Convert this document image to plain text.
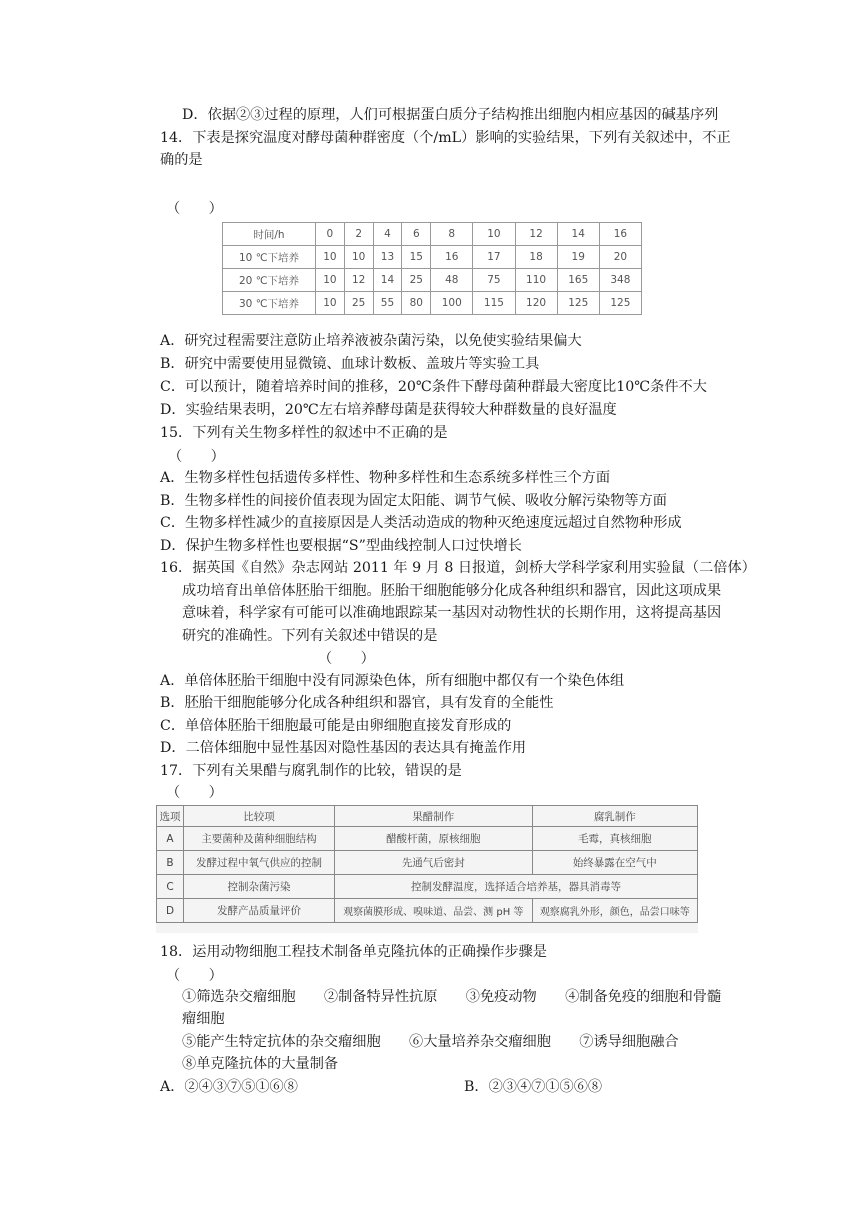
D．依据②③过程的原理，人们可根据蛋白质分子结构推出细胞内相应基因的碱基序列
14．下表是探究温度对酵母菌种群密度（个/mL）影响的实验结果，下列有关叙述中，不正
确的是
（　　）
时间/h	0	2	4	6	8	10	12	14	16
10 ℃下培养	10	10	13	15	16	17	18	19	20
20 ℃下培养	10	12	14	25	48	75	110	165	348
30 ℃下培养	10	25	55	80	100	115	120	125	125
A．研究过程需要注意防止培养液被杂菌污染，以免使实验结果偏大
B．研究中需要使用显微镜、血球计数板、盖玻片等实验工具
C．可以预计，随着培养时间的推移，20℃条件下酵母菌种群最大密度比10℃条件不大
D．实验结果表明，20℃左右培养酵母菌是获得较大种群数量的良好温度
15．下列有关生物多样性的叙述中不正确的是
（　　）
A．生物多样性包括遗传多样性、物种多样性和生态系统多样性三个方面
B．生物多样性的间接价值表现为固定太阳能、调节气候、吸收分解污染物等方面
C．生物多样性减少的直接原因是人类活动造成的物种灭绝速度远超过自然物种形成
D．保护生物多样性也要根据“S”型曲线控制人口过快增长
16．据英国《自然》杂志网站 2011 年 9 月 8 日报道，剑桥大学科学家利用实验鼠（二倍体）
成功培育出单倍体胚胎干细胞。胚胎干细胞能够分化成各种组织和器官，因此这项成果
意味着，科学家有可能可以准确地跟踪某一基因对动物性状的长期作用，这将提高基因
研究的准确性。下列有关叙述中错误的是
（　　）
A．单倍体胚胎干细胞中没有同源染色体，所有细胞中都仅有一个染色体组
B．胚胎干细胞能够分化成各种组织和器官，具有发育的全能性
C．单倍体胚胎干细胞最可能是由卵细胞直接发育形成的
D．二倍体细胞中显性基因对隐性基因的表达具有掩盖作用
17．下列有关果醋与腐乳制作的比较，错误的是
（　　）
选项	比较项	果醋制作	腐乳制作
A	主要菌种及菌种细胞结构	醋酸杆菌，原核细胞	毛霉，真核细胞
B	发酵过程中氧气供应的控制	先通气后密封	始终暴露在空气中
C	控制杂菌污染	控制发酵温度，选择适合培养基，器具消毒等	
D	发酵产品质量评价	观察菌膜形成、嗅味道、品尝、测 pH 等	观察腐乳外形，颜色，品尝口味等
18．运用动物细胞工程技术制备单克隆抗体的正确操作步骤是
（　　）
①筛选杂交瘤细胞　　②制备特异性抗原　　③免疫动物　　④制备免疫的细胞和骨髓
瘤细胞
⑤能产生特定抗体的杂交瘤细胞　　⑥大量培养杂交瘤细胞　　⑦诱导细胞融合
⑧单克隆抗体的大量制备
A．②④③⑦⑤①⑥⑧	B．②③④⑦①⑤⑥⑧
